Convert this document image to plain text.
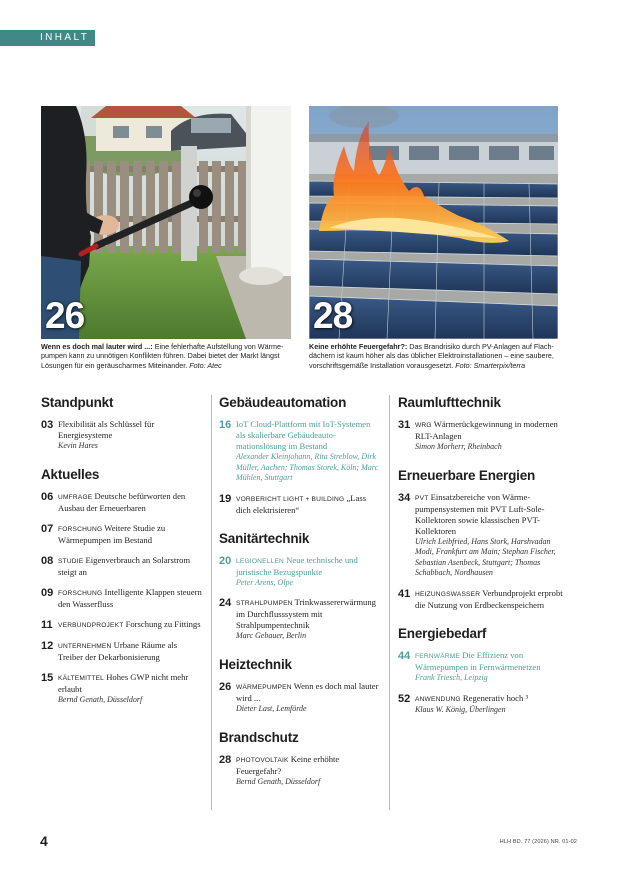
INHALT
26	28
Wenn es doch mal lauter wird ...: Eine fehlerhafte Aufstellung von Wärmepumpen kann zu unnötigen Konflikten führen. Dabei bietet der Markt längst Lösungen für ein geräuscharmes Miteinander. Foto: Atec
Keine erhöhte Feuergefahr?: Das Brandrisiko durch PV-Anlagen auf Flachdächern ist kaum höher als das üblicher Elektroinstallationen – eine saubere, vorschriftsgemäße Installation vorausgesetzt. Foto: Smarterpix/terra
Standpunkt
03 Flexibilität als Schlüssel für Energiesysteme
Kevin Hares
Aktuelles
06 UMFRAGE Deutsche befürworten den Ausbau der Erneuerbaren
07 FORSCHUNG Weitere Studie zu Wärmepumpen im Bestand
08 STUDIE Eigenverbrauch an Solarstrom steigt an
09 FORSCHUNG Intelligente Klappen steuern den Wasserfluss
11 VERBUNDPROJEKT Forschung zu Fittings
12 UNTERNEHMEN Urbane Räume als Treiber der Dekarbonisierung
15 KÄLTEMITTEL Hohes GWP nicht mehr erlaubt
Bernd Genath, Düsseldorf
Gebäudeautomation
16 IoT Cloud-Plattform mit IoT-Systemen als skalierbare Gebäudeautomationslösung im Bestand
Alexander Kleinjohann, Rita Streblow, Dirk Müller, Aachen; Thomas Storek, Köln; Marc Mühlen, Stuttgart
19 VORBERICHT LIGHT + BUILDING „Lass dich elektrisieren“
Sanitärtechnik
20 LEGIONELLEN Neue technische und juristische Bezugspunkte
Peter Arens, Olpe
24 STRAHLPUMPEN Trinkwassererwärmung im Durchflusssystem mit Strahlpumpentechnik
Marc Gebauer, Berlin
Heiztechnik
26 WÄRMEPUMPEN Wenn es doch mal lauter wird ...
Dieter Last, Lemförde
Brandschutz
28 PHOTOVOLTAIK Keine erhöhte Feuergefahr?
Bernd Genath, Düsseldorf
Raumlufttechnik
31 WRG Wärmerückgewinnung in modernen RLT-Anlagen
Simon Morherr, Rheinbach
Erneuerbare Energien
34 PVT Einsatzbereiche von Wärmepumpensystemen mit PVT Luft-Sole-Kollektoren sowie klassischen PVT-Kollektoren
Ulrich Leibfried, Hans Stork, Harshvadan Modi, Frankfurt am Main; Stephan Fischer, Sebastian Asenbeck, Stuttgart; Thomas Schabbach, Nordhausen
41 HEIZUNGSWASSER Verbundprojekt erprobt die Nutzung von Erdbeckenspeichern
Energiebedarf
44 FERNWÄRME Die Effizienz von Wärmepumpen in Fernwärmenetzen
Frank Triesch, Leipzig
52 ANWENDUNG Regenerativ hoch ³
Klaus W. König, Überlingen
4	HLH BD. 77 (2026) NR. 01-02
